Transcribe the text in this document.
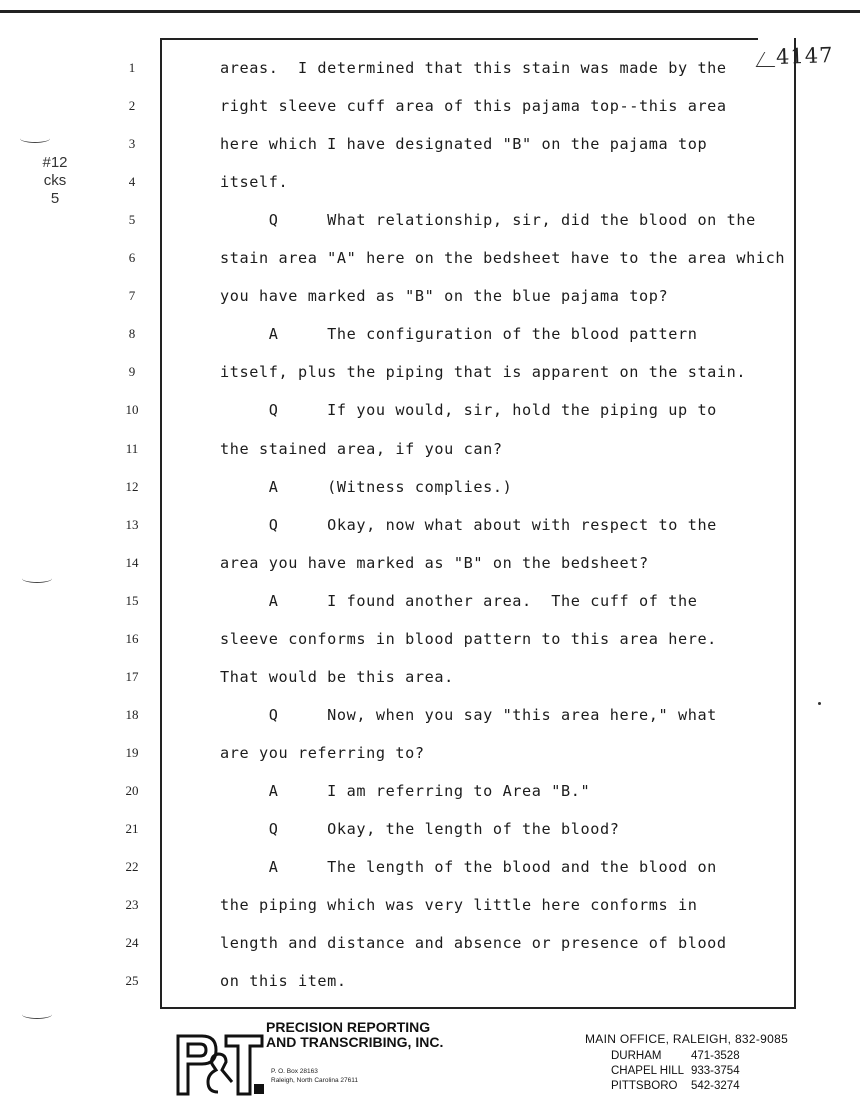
4147
#12
cks
5
1	areas.  I determined that this stain was made by the
2	right sleeve cuff area of this pajama top--this area
3	here which I have designated "B" on the pajama top
4	itself.
5	Q     What relationship, sir, did the blood on the
6	stain area "A" here on the bedsheet have to the area which
7	you have marked as "B" on the blue pajama top?
8	A     The configuration of the blood pattern
9	itself, plus the piping that is apparent on the stain.
10	Q     If you would, sir, hold the piping up to
11	the stained area, if you can?
12	A     (Witness complies.)
13	Q     Okay, now what about with respect to the
14	area you have marked as "B" on the bedsheet?
15	A     I found another area.  The cuff of the
16	sleeve conforms in blood pattern to this area here.
17	That would be this area.
18	Q     Now, when you say "this area here," what
19	are you referring to?
20	A     I am referring to Area "B."
21	Q     Okay, the length of the blood?
22	A     The length of the blood and the blood on
23	the piping which was very little here conforms in
24	length and distance and absence or presence of blood
25	on this item.
P&T
PRECISION REPORTING
AND TRANSCRIBING, INC.
P. O. Box 28163
Raleigh, North Carolina 27611
MAIN OFFICE, RALEIGH, 832-9085
DURHAM	471-3528
CHAPEL HILL 933-3754
PITTSBORO 542-3274
